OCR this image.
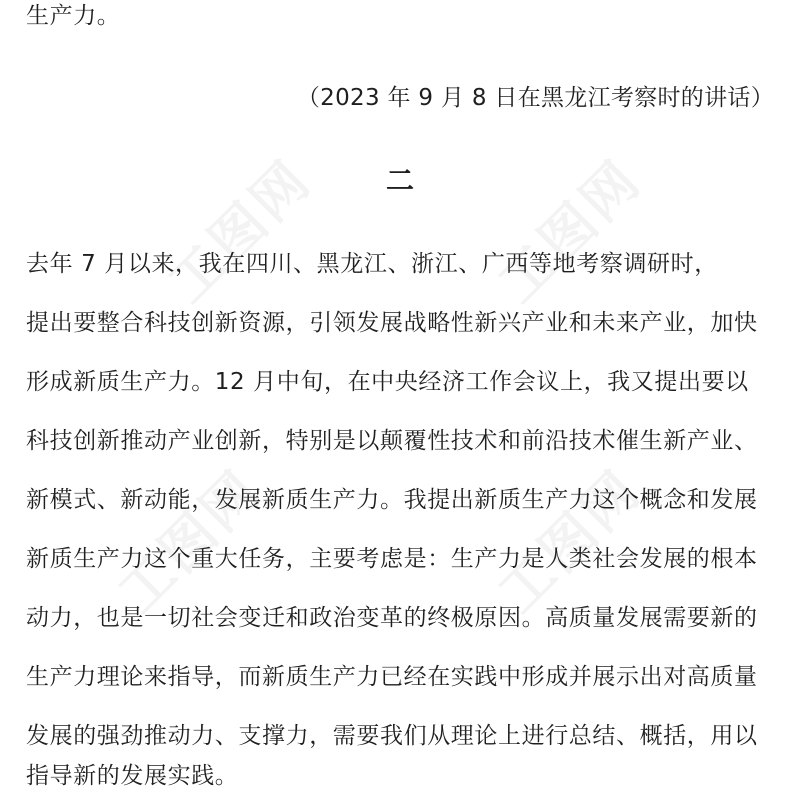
工图网	工图网
工图网	工图网
生产力。
（2023 年 9 月 8 日在黑龙江考察时的讲话）
二
去年 7 月以来，我在四川、黑龙江、浙江、广西等地考察调研时，
提出要整合科技创新资源，引领发展战略性新兴产业和未来产业，加快
形成新质生产力。12 月中旬，在中央经济工作会议上，我又提出要以
科技创新推动产业创新，特别是以颠覆性技术和前沿技术催生新产业、
新模式、新动能，发展新质生产力。我提出新质生产力这个概念和发展
新质生产力这个重大任务，主要考虑是：生产力是人类社会发展的根本
动力，也是一切社会变迁和政治变革的终极原因。高质量发展需要新的
生产力理论来指导，而新质生产力已经在实践中形成并展示出对高质量
发展的强劲推动力、支撑力，需要我们从理论上进行总结、概括，用以
指导新的发展实践。
